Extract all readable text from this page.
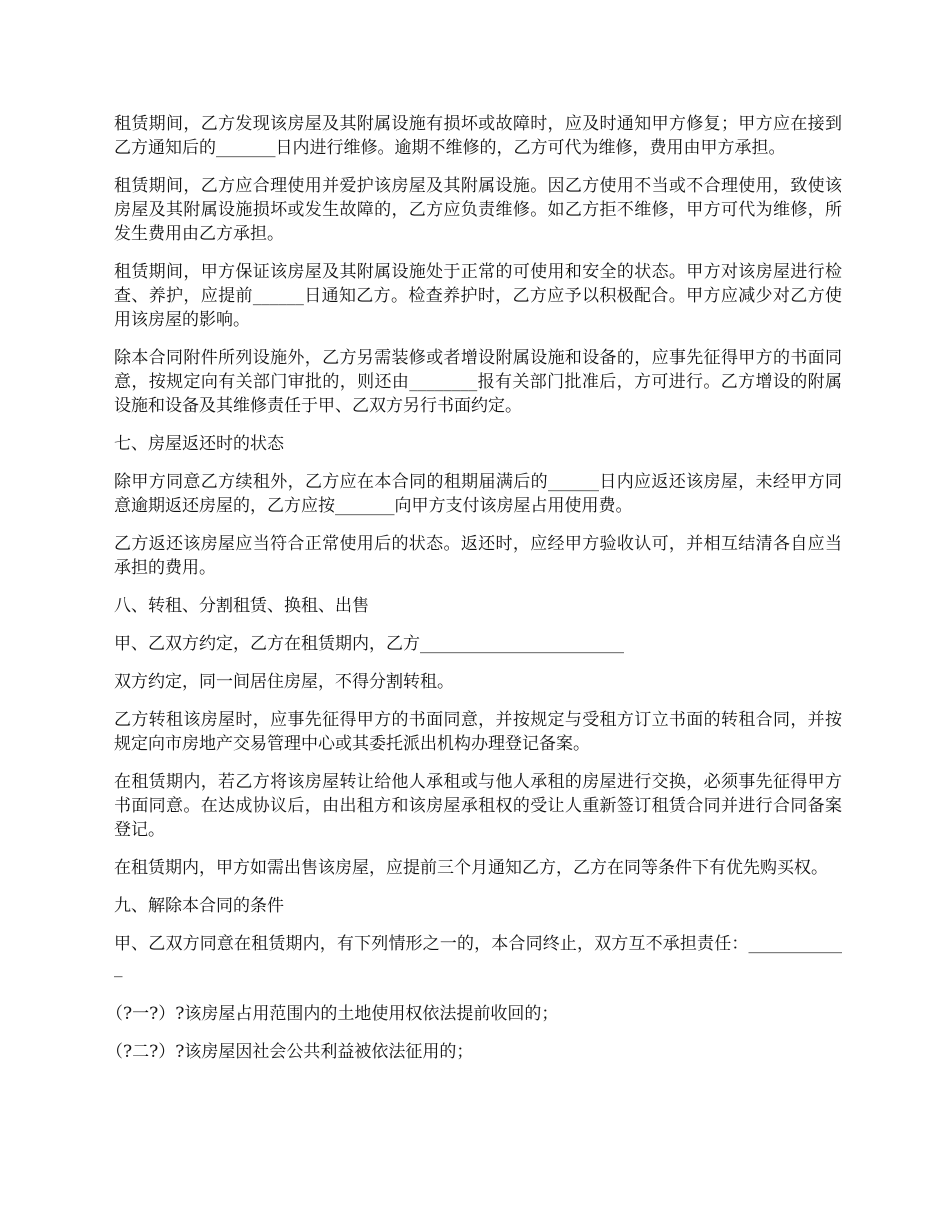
租赁期间，乙方发现该房屋及其附属设施有损坏或故障时，应及时通知甲方修复；甲方应在接到乙方通知后的_______日内进行维修。逾期不维修的，乙方可代为维修，费用由甲方承担。

租赁期间，乙方应合理使用并爱护该房屋及其附属设施。因乙方使用不当或不合理使用，致使该房屋及其附属设施损坏或发生故障的，乙方应负责维修。如乙方拒不维修，甲方可代为维修，所发生费用由乙方承担。

租赁期间，甲方保证该房屋及其附属设施处于正常的可使用和安全的状态。甲方对该房屋进行检查、养护，应提前______日通知乙方。检查养护时，乙方应予以积极配合。甲方应减少对乙方使用该房屋的影响。

除本合同附件所列设施外，乙方另需装修或者增设附属设施和设备的，应事先征得甲方的书面同意，按规定向有关部门审批的，则还由________报有关部门批准后，方可进行。乙方增设的附属设施和设备及其维修责任于甲、乙双方另行书面约定。

七、房屋返还时的状态

除甲方同意乙方续租外，乙方应在本合同的租期届满后的______日内应返还该房屋，未经甲方同意逾期返还房屋的，乙方应按_______向甲方支付该房屋占用使用费。

乙方返还该房屋应当符合正常使用后的状态。返还时，应经甲方验收认可，并相互结清各自应当承担的费用。

八、转租、分割租赁、换租、出售

甲、乙双方约定，乙方在租赁期内，乙方________________________

双方约定，同一间居住房屋，不得分割转租。

乙方转租该房屋时，应事先征得甲方的书面同意，并按规定与受租方订立书面的转租合同，并按规定向市房地产交易管理中心或其委托派出机构办理登记备案。

在租赁期内，若乙方将该房屋转让给他人承租或与他人承租的房屋进行交换，必须事先征得甲方书面同意。在达成协议后，由出租方和该房屋承租权的受让人重新签订租赁合同并进行合同备案登记。

在租赁期内，甲方如需出售该房屋，应提前三个月通知乙方，乙方在同等条件下有优先购买权。

九、解除本合同的条件

甲、乙双方同意在租赁期内，有下列情形之一的，本合同终止，双方互不承担责任：____________

（?一?）?该房屋占用范围内的土地使用权依法提前收回的；

（?二?）?该房屋因社会公共利益被依法征用的；
